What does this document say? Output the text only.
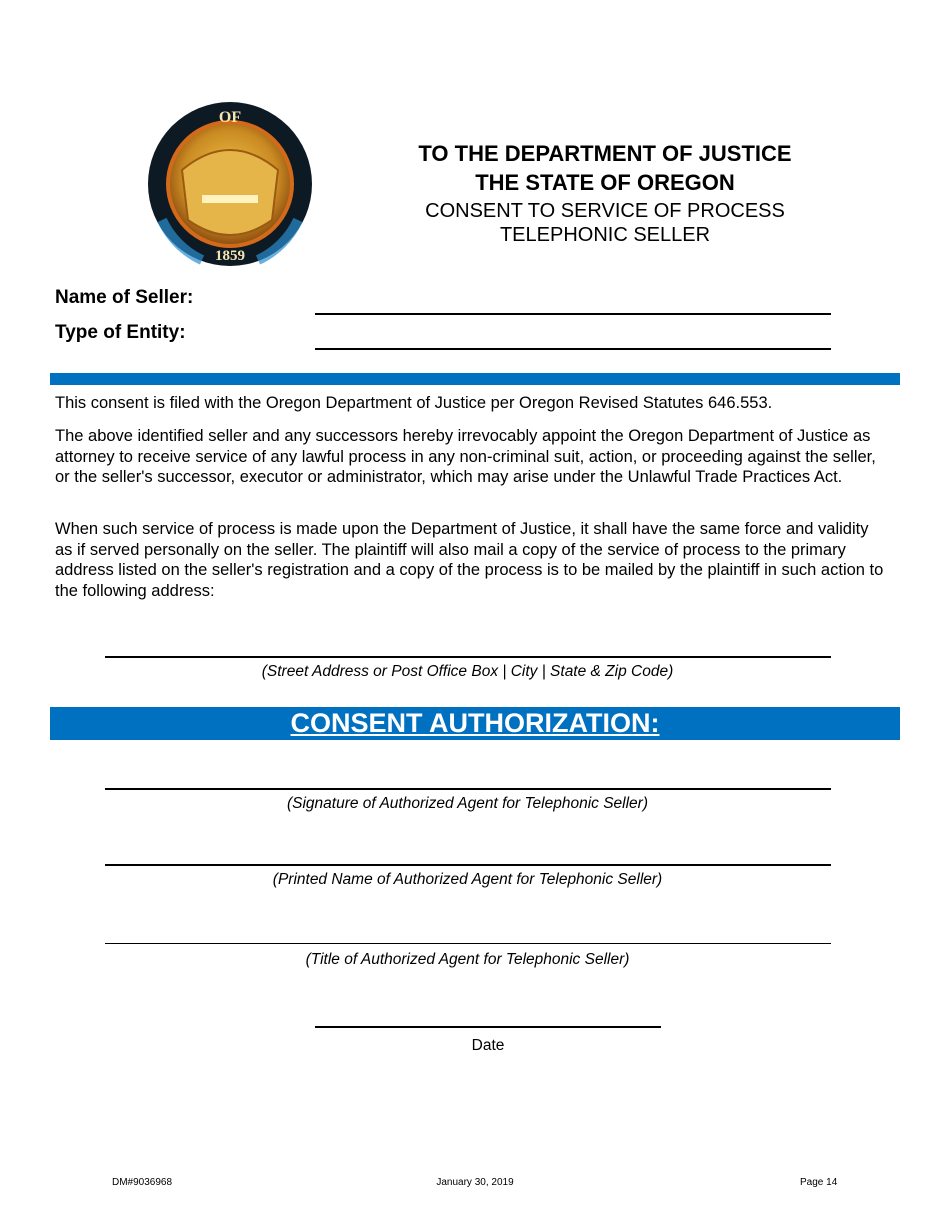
OF
1859
TO THE DEPARTMENT OF JUSTICE
THE STATE OF OREGON
CONSENT TO SERVICE OF PROCESS
TELEPHONIC SELLER
Name of Seller:
Type of Entity:
This consent is filed with the Oregon Department of Justice per Oregon Revised Statutes 646.553.
The above identified seller and any successors hereby irrevocably appoint the Oregon Department of Justice as attorney to receive service of any lawful process in any non-criminal suit, action, or proceeding against the seller, or the seller's successor, executor or administrator, which may arise under the Unlawful Trade Practices Act.
When such service of process is made upon the Department of Justice, it shall have the same force and validity as if served personally on the seller. The plaintiff will also mail a copy of the service of process to the primary address listed on the seller's registration and a copy of the process is to be mailed by the plaintiff in such action to the following address:
(Street Address or Post Office Box | City | State & Zip Code)
CONSENT AUTHORIZATION:
(Signature of Authorized Agent for Telephonic Seller)
(Printed Name of Authorized Agent for Telephonic Seller)
(Title of Authorized Agent for Telephonic Seller)
Date
DM#9036968	January 30, 2019	Page 14
